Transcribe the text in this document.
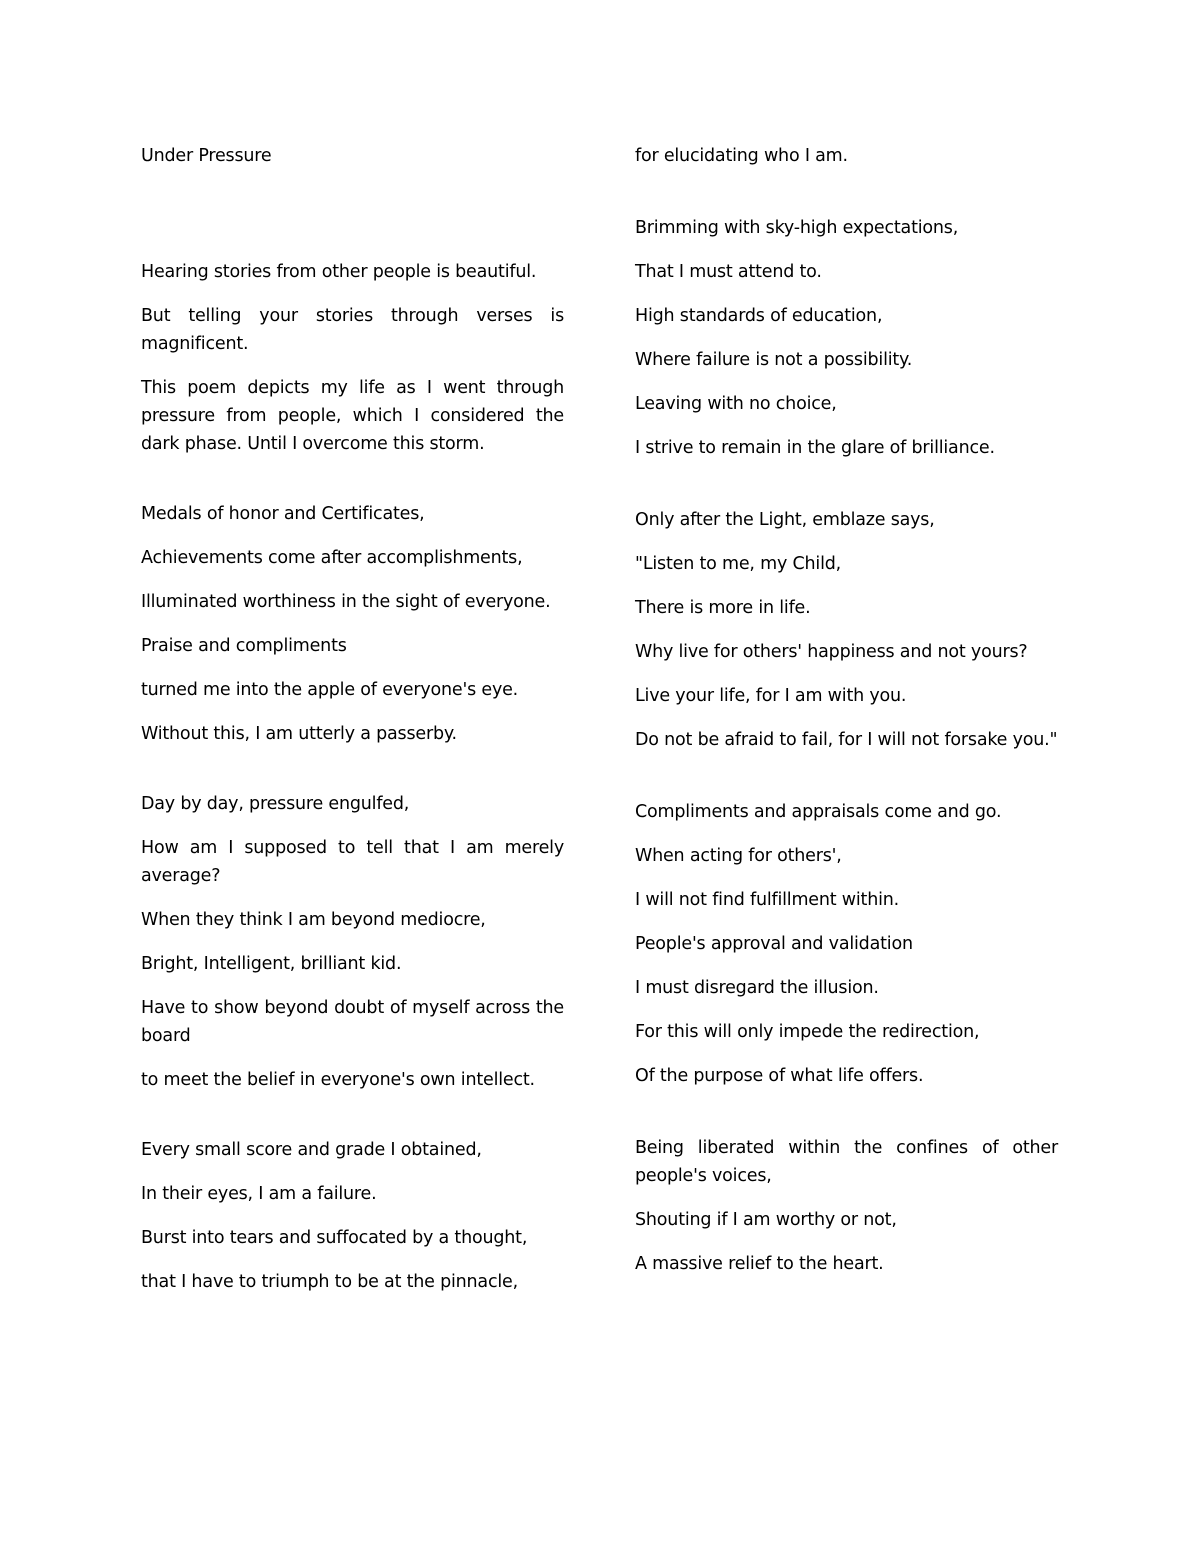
Under Pressure

Hearing stories from other people is beautiful.

But telling your stories through verses is magnificent.

This poem depicts my life as I went through pressure from people, which I considered the dark phase. Until I overcome this storm.

Medals of honor and Certificates,

Achievements come after accomplishments,

Illuminated worthiness in the sight of everyone.

Praise and compliments

turned me into the apple of everyone's eye.

Without this, I am utterly a passerby.

Day by day, pressure engulfed,

How am I supposed to tell that I am merely average?

When they think I am beyond mediocre,

Bright, Intelligent, brilliant kid.

Have to show beyond doubt of myself across the board

to meet the belief in everyone's own intellect.

Every small score and grade I obtained,

In their eyes, I am a failure.

Burst into tears and suffocated by a thought,

that I have to triumph to be at the pinnacle,

for elucidating who I am.

Brimming with sky-high expectations,

That I must attend to.

High standards of education,

Where failure is not a possibility.

Leaving with no choice,

I strive to remain in the glare of brilliance.

Only after the Light, emblaze says,

"Listen to me, my Child,

There is more in life.

Why live for others' happiness and not yours?

Live your life, for I am with you.

Do not be afraid to fail, for I will not forsake you."

Compliments and appraisals come and go.

When acting for others',

I will not find fulfillment within.

People's approval and validation

I must disregard the illusion.

For this will only impede the redirection,

Of the purpose of what life offers.

Being liberated within the confines of other people's voices,

Shouting if I am worthy or not,

A massive relief to the heart.
